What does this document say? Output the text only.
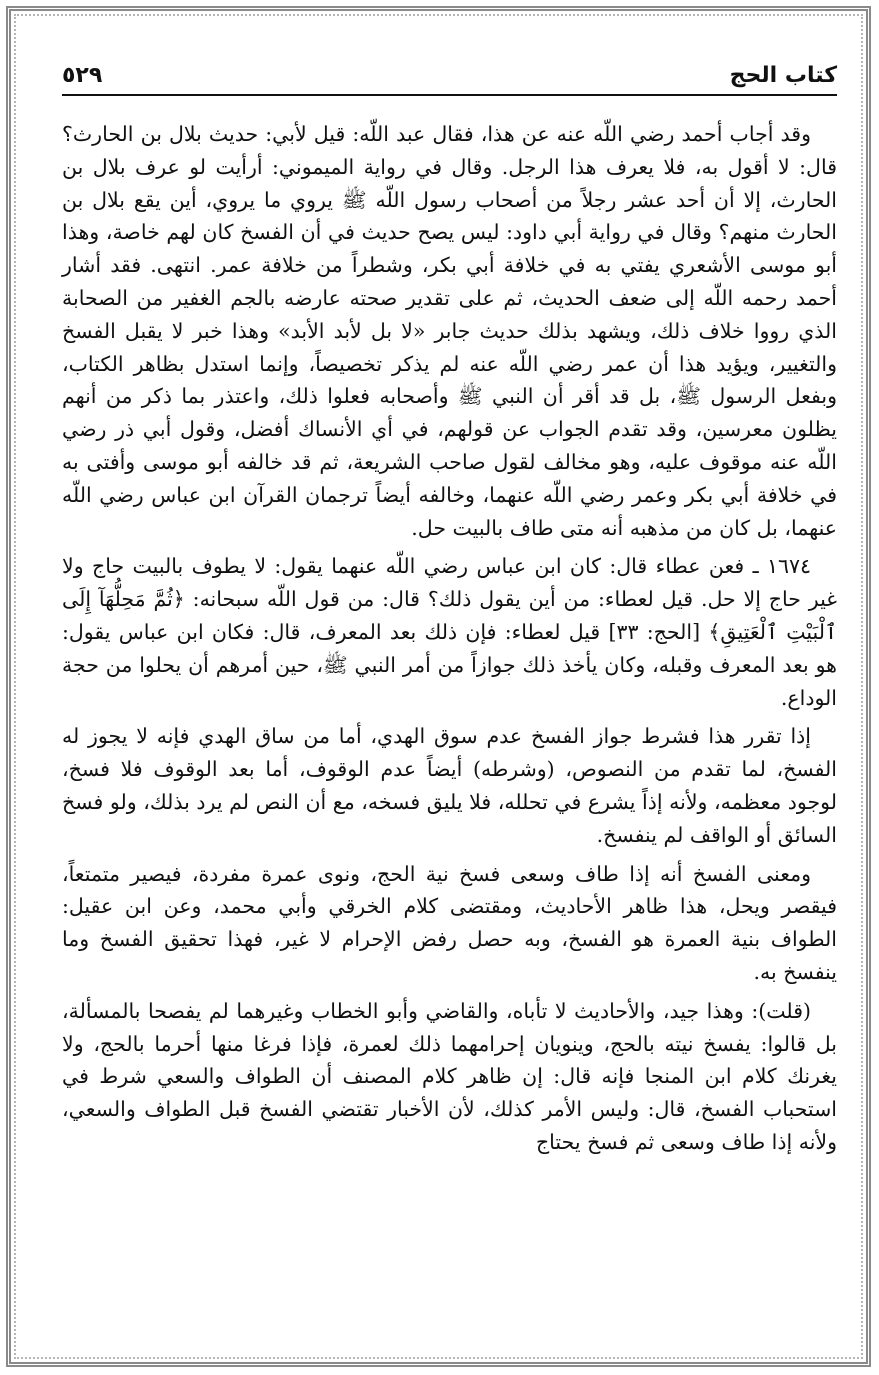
كتاب الحج
٥٢٩

وقد أجاب أحمد رضي اللّه عنه عن هذا، فقال عبد اللّه: قيل لأبي: حديث بلال بن الحارث؟ قال: لا أقول به، فلا يعرف هذا الرجل. وقال في رواية الميموني: أرأيت لو عرف بلال بن الحارث، إلا أن أحد عشر رجلاً من أصحاب رسول اللّه ﷺ يروي ما يروي، أين يقع بلال بن الحارث منهم؟ وقال في رواية أبي داود: ليس يصح حديث في أن الفسخ كان لهم خاصة، وهذا أبو موسى الأشعري يفتي به في خلافة أبي بكر، وشطراً من خلافة عمر. انتهى. فقد أشار أحمد رحمه اللّه إلى ضعف الحديث، ثم على تقدير صحته عارضه بالجم الغفير من الصحابة الذي رووا خلاف ذلك، ويشهد بذلك حديث جابر «لا بل لأبد الأبد» وهذا خبر لا يقبل الفسخ والتغيير، ويؤيد هذا أن عمر رضي اللّه عنه لم يذكر تخصيصاً، وإنما استدل بظاهر الكتاب، وبفعل الرسول ﷺ، بل قد أقر أن النبي ﷺ وأصحابه فعلوا ذلك، واعتذر بما ذكر من أنهم يظلون معرسين، وقد تقدم الجواب عن قولهم، في أي الأنساك أفضل، وقول أبي ذر رضي اللّه عنه موقوف عليه، وهو مخالف لقول صاحب الشريعة، ثم قد خالفه أبو موسى وأفتى به في خلافة أبي بكر وعمر رضي اللّه عنهما، وخالفه أيضاً ترجمان القرآن ابن عباس رضي اللّه عنهما، بل كان من مذهبه أنه متى طاف بالبيت حل.

١٦٧٤ ـ فعن عطاء قال: كان ابن عباس رضي اللّه عنهما يقول: لا يطوف بالبيت حاج ولا غير حاج إلا حل. قيل لعطاء: من أين يقول ذلك؟ قال: من قول اللّه سبحانه: ﴿ثُمَّ مَحِلُّهَآ إِلَى ٱلْبَيْتِ ٱلْعَتِيقِ﴾ [الحج: ٣٣] قيل لعطاء: فإن ذلك بعد المعرف، قال: فكان ابن عباس يقول: هو بعد المعرف وقبله، وكان يأخذ ذلك جوازاً من أمر النبي ﷺ، حين أمرهم أن يحلوا من حجة الوداع.

إذا تقرر هذا فشرط جواز الفسخ عدم سوق الهدي، أما من ساق الهدي فإنه لا يجوز له الفسخ، لما تقدم من النصوص، (وشرطه) أيضاً عدم الوقوف، أما بعد الوقوف فلا فسخ، لوجود معظمه، ولأنه إذاً يشرع في تحلله، فلا يليق فسخه، مع أن النص لم يرد بذلك، ولو فسخ السائق أو الواقف لم ينفسخ.

ومعنى الفسخ أنه إذا طاف وسعى فسخ نية الحج، ونوى عمرة مفردة، فيصير متمتعاً، فيقصر ويحل، هذا ظاهر الأحاديث، ومقتضى كلام الخرقي وأبي محمد، وعن ابن عقيل: الطواف بنية العمرة هو الفسخ، وبه حصل رفض الإحرام لا غير، فهذا تحقيق الفسخ وما ينفسخ به.

(قلت): وهذا جيد، والأحاديث لا تأباه، والقاضي وأبو الخطاب وغيرهما لم يفصحا بالمسألة، بل قالوا: يفسخ نيته بالحج، وينويان إحرامهما ذلك لعمرة، فإذا فرغا منها أحرما بالحج، ولا يغرنك كلام ابن المنجا فإنه قال: إن ظاهر كلام المصنف أن الطواف والسعي شرط في استحباب الفسخ، قال: وليس الأمر كذلك، لأن الأخبار تقتضي الفسخ قبل الطواف والسعي، ولأنه إذا طاف وسعى ثم فسخ يحتاج
